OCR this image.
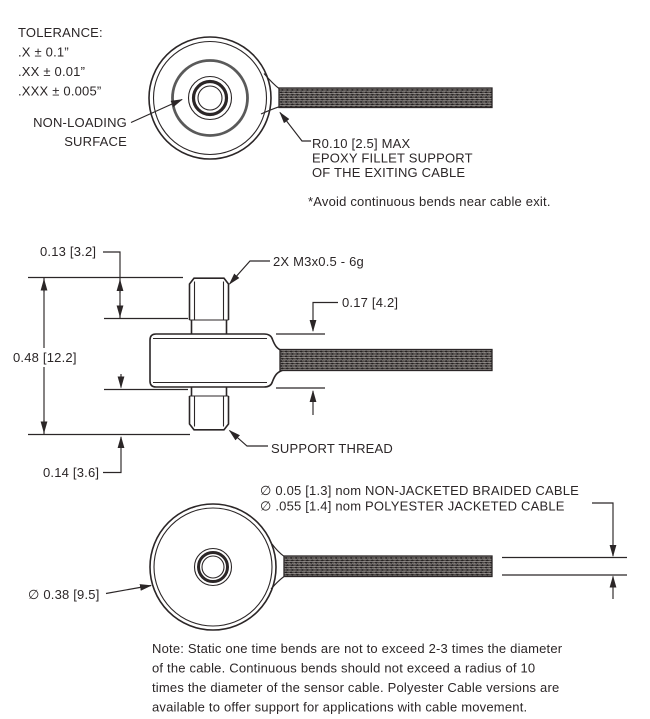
TOLERANCE:
.X ± 0.1”
.XX ± 0.01”
.XXX ± 0.005”
NON-LOADING
SURFACE	R0.10 [2.5] MAX
EPOXY FILLET SUPPORT
OF THE EXITING CABLE
*Avoid continuous bends near cable exit.
0.48 [12.2]
0.13 [3.2]
2X M3x0.5 - 6g
0.17 [4.2]
0.14 [3.6]
SUPPORT THREAD
∅ 0.05 [1.3] nom NON-JACKETED BRAIDED CABLE
∅ .055 [1.4] nom POLYESTER JACKETED CABLE
∅ 0.38 [9.5]
Note: Static one time bends are not to exceed 2-3 times the diameter
of the cable. Continuous bends should not exceed a radius of 10
times the diameter of the sensor cable. Polyester Cable versions are
available to offer support for applications with cable movement.
